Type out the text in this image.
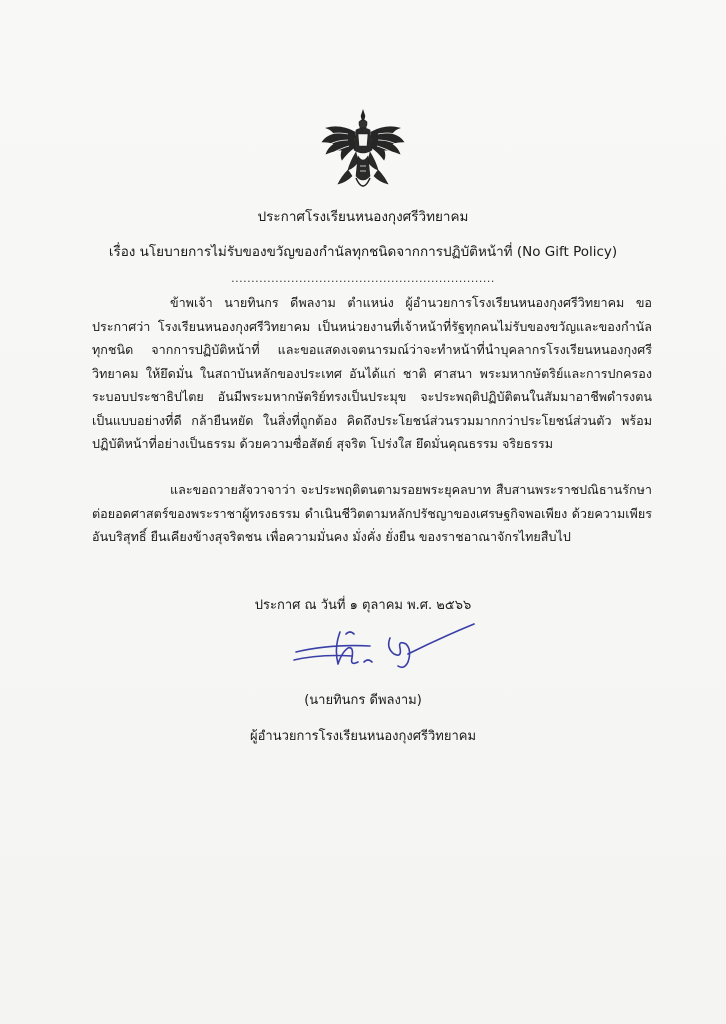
ประกาศโรงเรียนหนองกุงศรีวิทยาคม
เรื่อง นโยบายการไม่รับของขวัญของกำนัลทุกชนิดจากการปฏิบัติหน้าที่ (No Gift Policy)
..................................................................

ข้าพเจ้า นายทินกร ดีพลงาม ตำแหน่ง ผู้อำนวยการโรงเรียนหนองกุงศรีวิทยาคม ขอประกาศว่า โรงเรียนหนองกุงศรีวิทยาคม เป็นหน่วยงานที่เจ้าหน้าที่รัฐทุกคนไม่รับของขวัญและของกำนัลทุกชนิด จากการปฏิบัติหน้าที่ และขอแสดงเจตนารมณ์ว่าจะทำหน้าที่นำบุคลากรโรงเรียนหนองกุงศรีวิทยาคม ให้ยึดมั่น ในสถาบันหลักของประเทศ อันได้แก่ ชาติ ศาสนา พระมหากษัตริย์และการปกครองระบอบประชาธิปไตย อันมีพระมหากษัตริย์ทรงเป็นประมุข จะประพฤติปฏิบัติตนในสัมมาอาชีพดำรงตนเป็นแบบอย่างที่ดี กล้ายืนหยัด ในสิ่งที่ถูกต้อง คิดถึงประโยชน์ส่วนรวมมากกว่าประโยชน์ส่วนตัว พร้อมปฏิบัติหน้าที่อย่างเป็นธรรม ด้วยความซื่อสัตย์ สุจริต โปร่งใส ยึดมั่นคุณธรรม จริยธรรม

และขอถวายสัจวาจาว่า จะประพฤติตนตามรอยพระยุคลบาท สืบสานพระราชปณิธานรักษา ต่อยอดศาสตร์ของพระราชาผู้ทรงธรรม ดำเนินชีวิตตามหลักปรัชญาของเศรษฐกิจพอเพียง ด้วยความเพียร อันบริสุทธิ์ ยืนเคียงข้างสุจริตชน เพื่อความมั่นคง มั่งคั่ง ยั่งยืน ของราชอาณาจักรไทยสืบไป

ประกาศ ณ วันที่ ๑ ตุลาคม พ.ศ. ๒๕๖๖
(นายทินกร ดีพลงาม)
ผู้อำนวยการโรงเรียนหนองกุงศรีวิทยาคม
